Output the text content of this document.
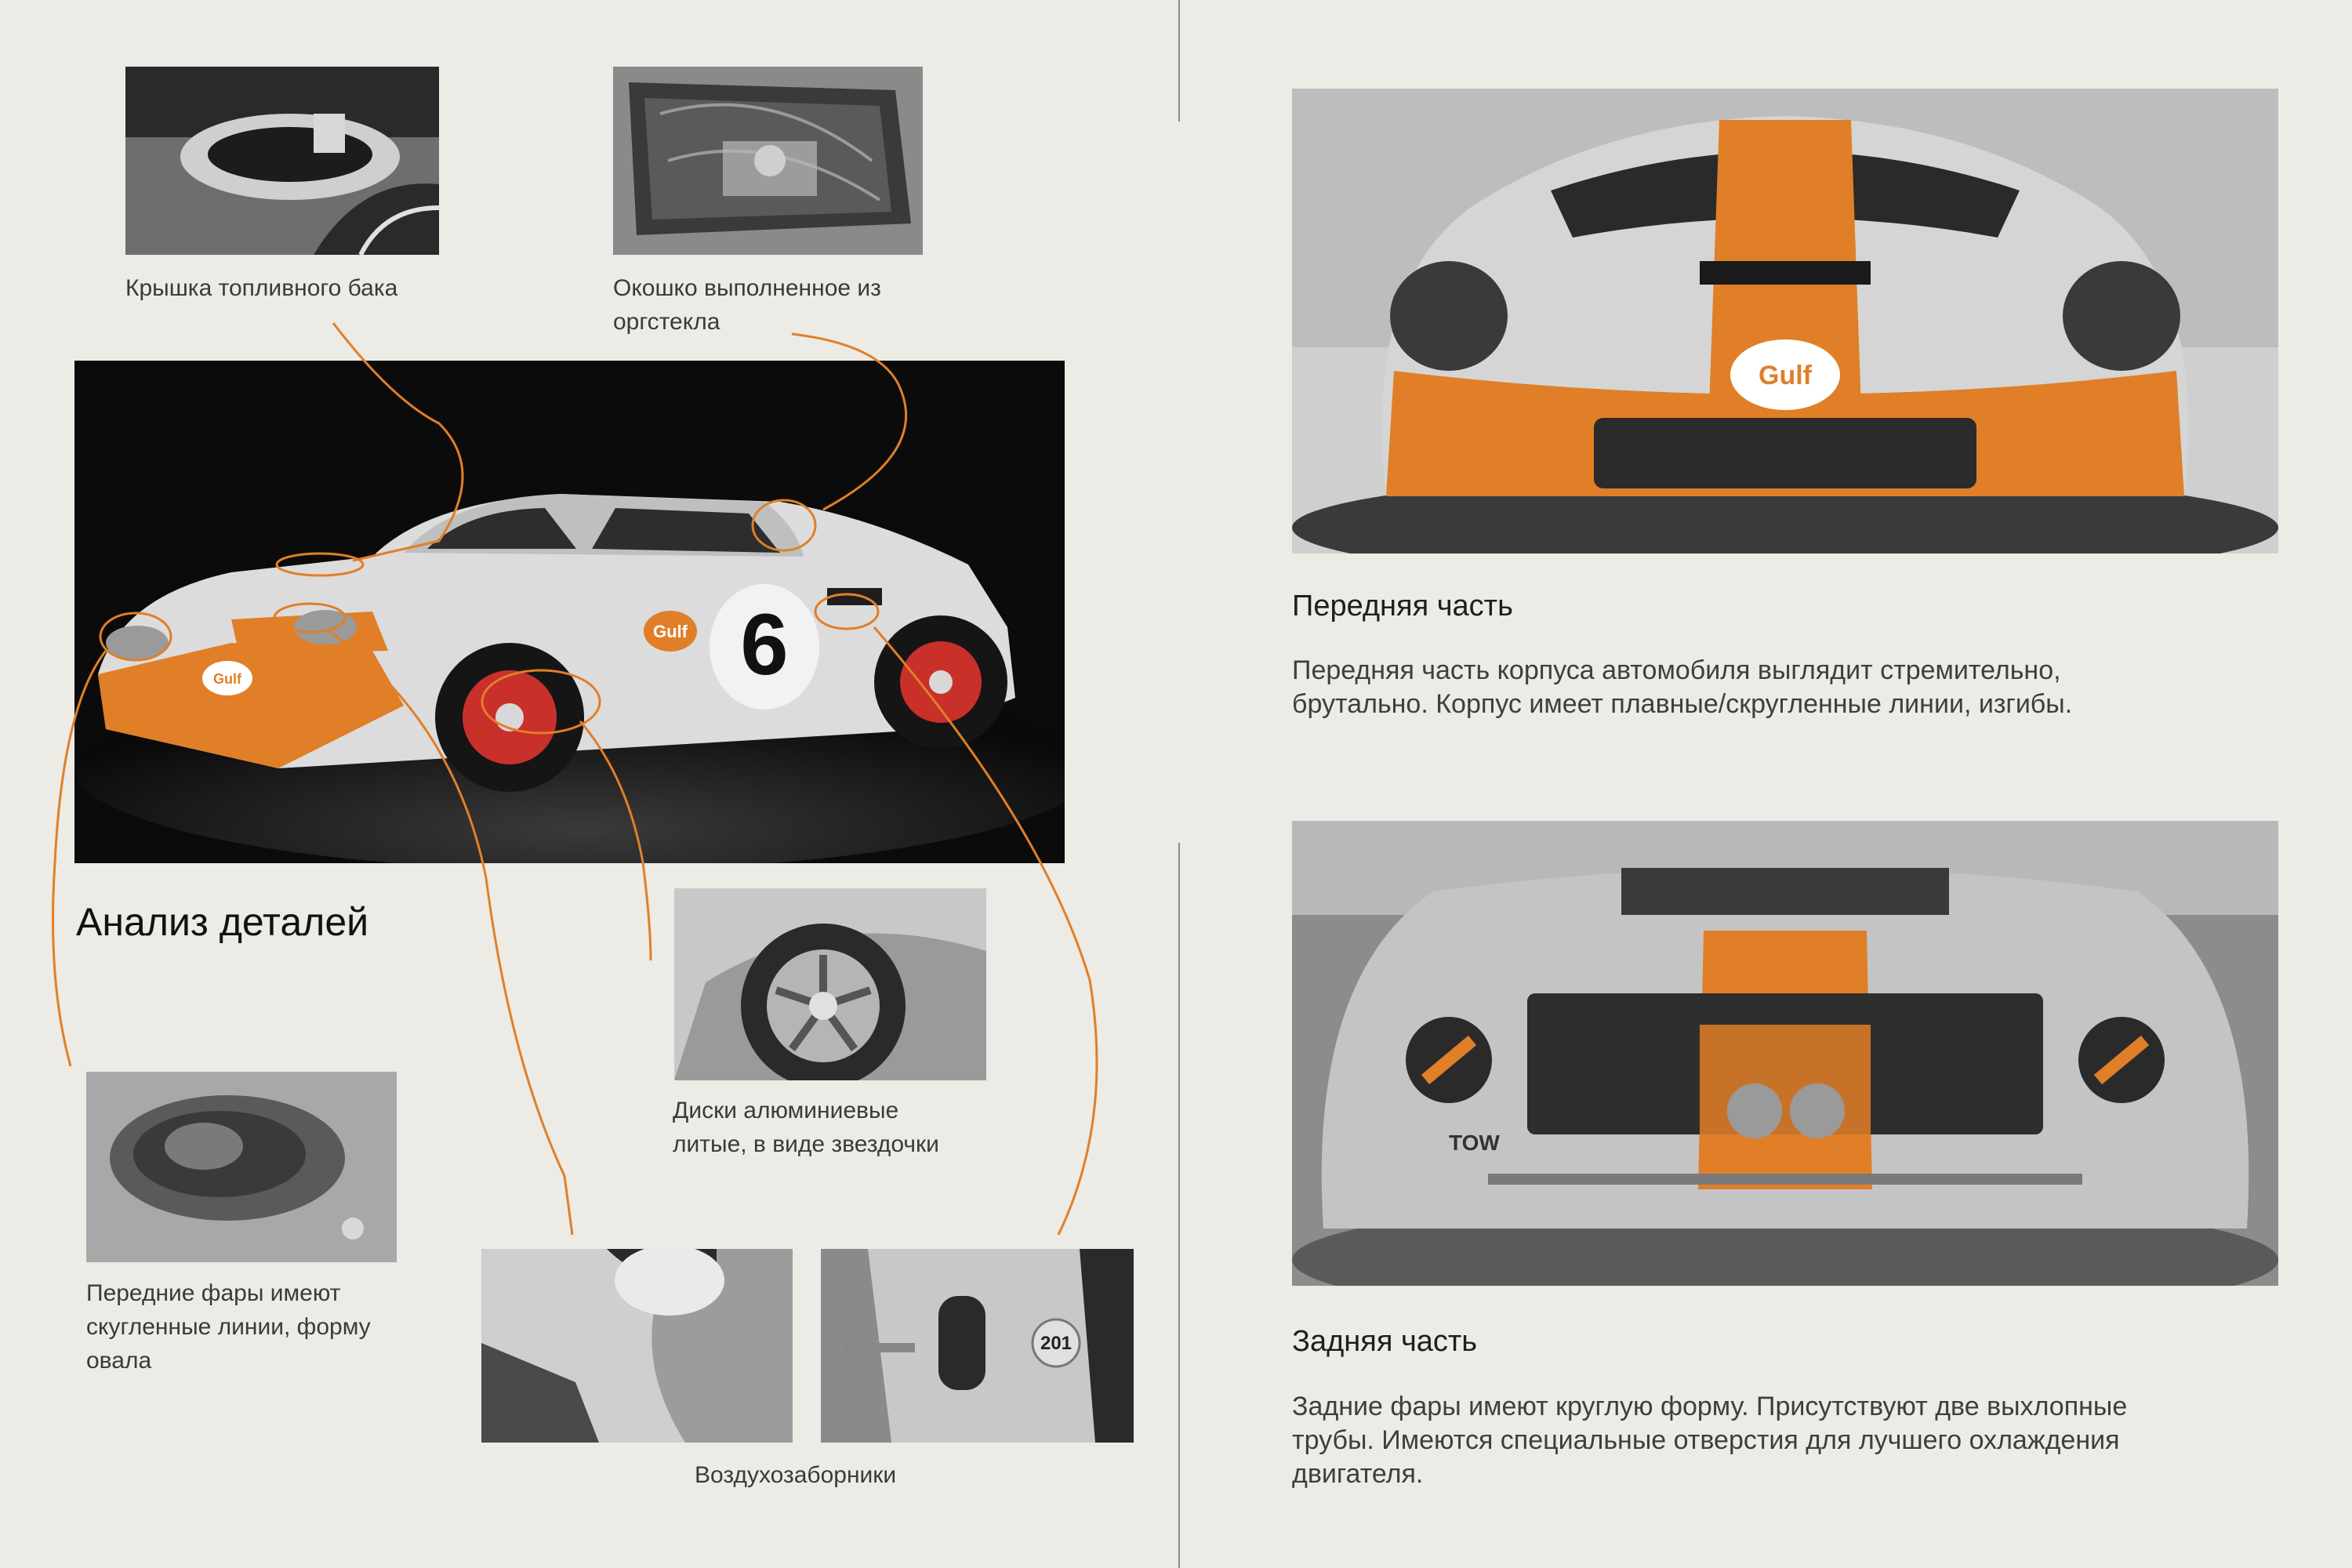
Крышка топливного бака	Окошко выполненное из
оргстекла
6
Gulf
Gulf
Анализ деталей
Диски алюминиевые
литые, в виде звездочки
Передние фары имеют
скугленные линии, форму
овала
201
Воздухозаборники
Gulf
Передняя часть
Передняя часть корпуса автомобиля выглядит стремительно,
брутально. Корпус имеет плавные/скругленные линии, изгибы.
TOW
Задняя часть
Задние фары имеют круглую форму. Присутствуют две выхлопные
трубы. Имеются специальные отверстия для лучшего охлаждения
двигателя.
